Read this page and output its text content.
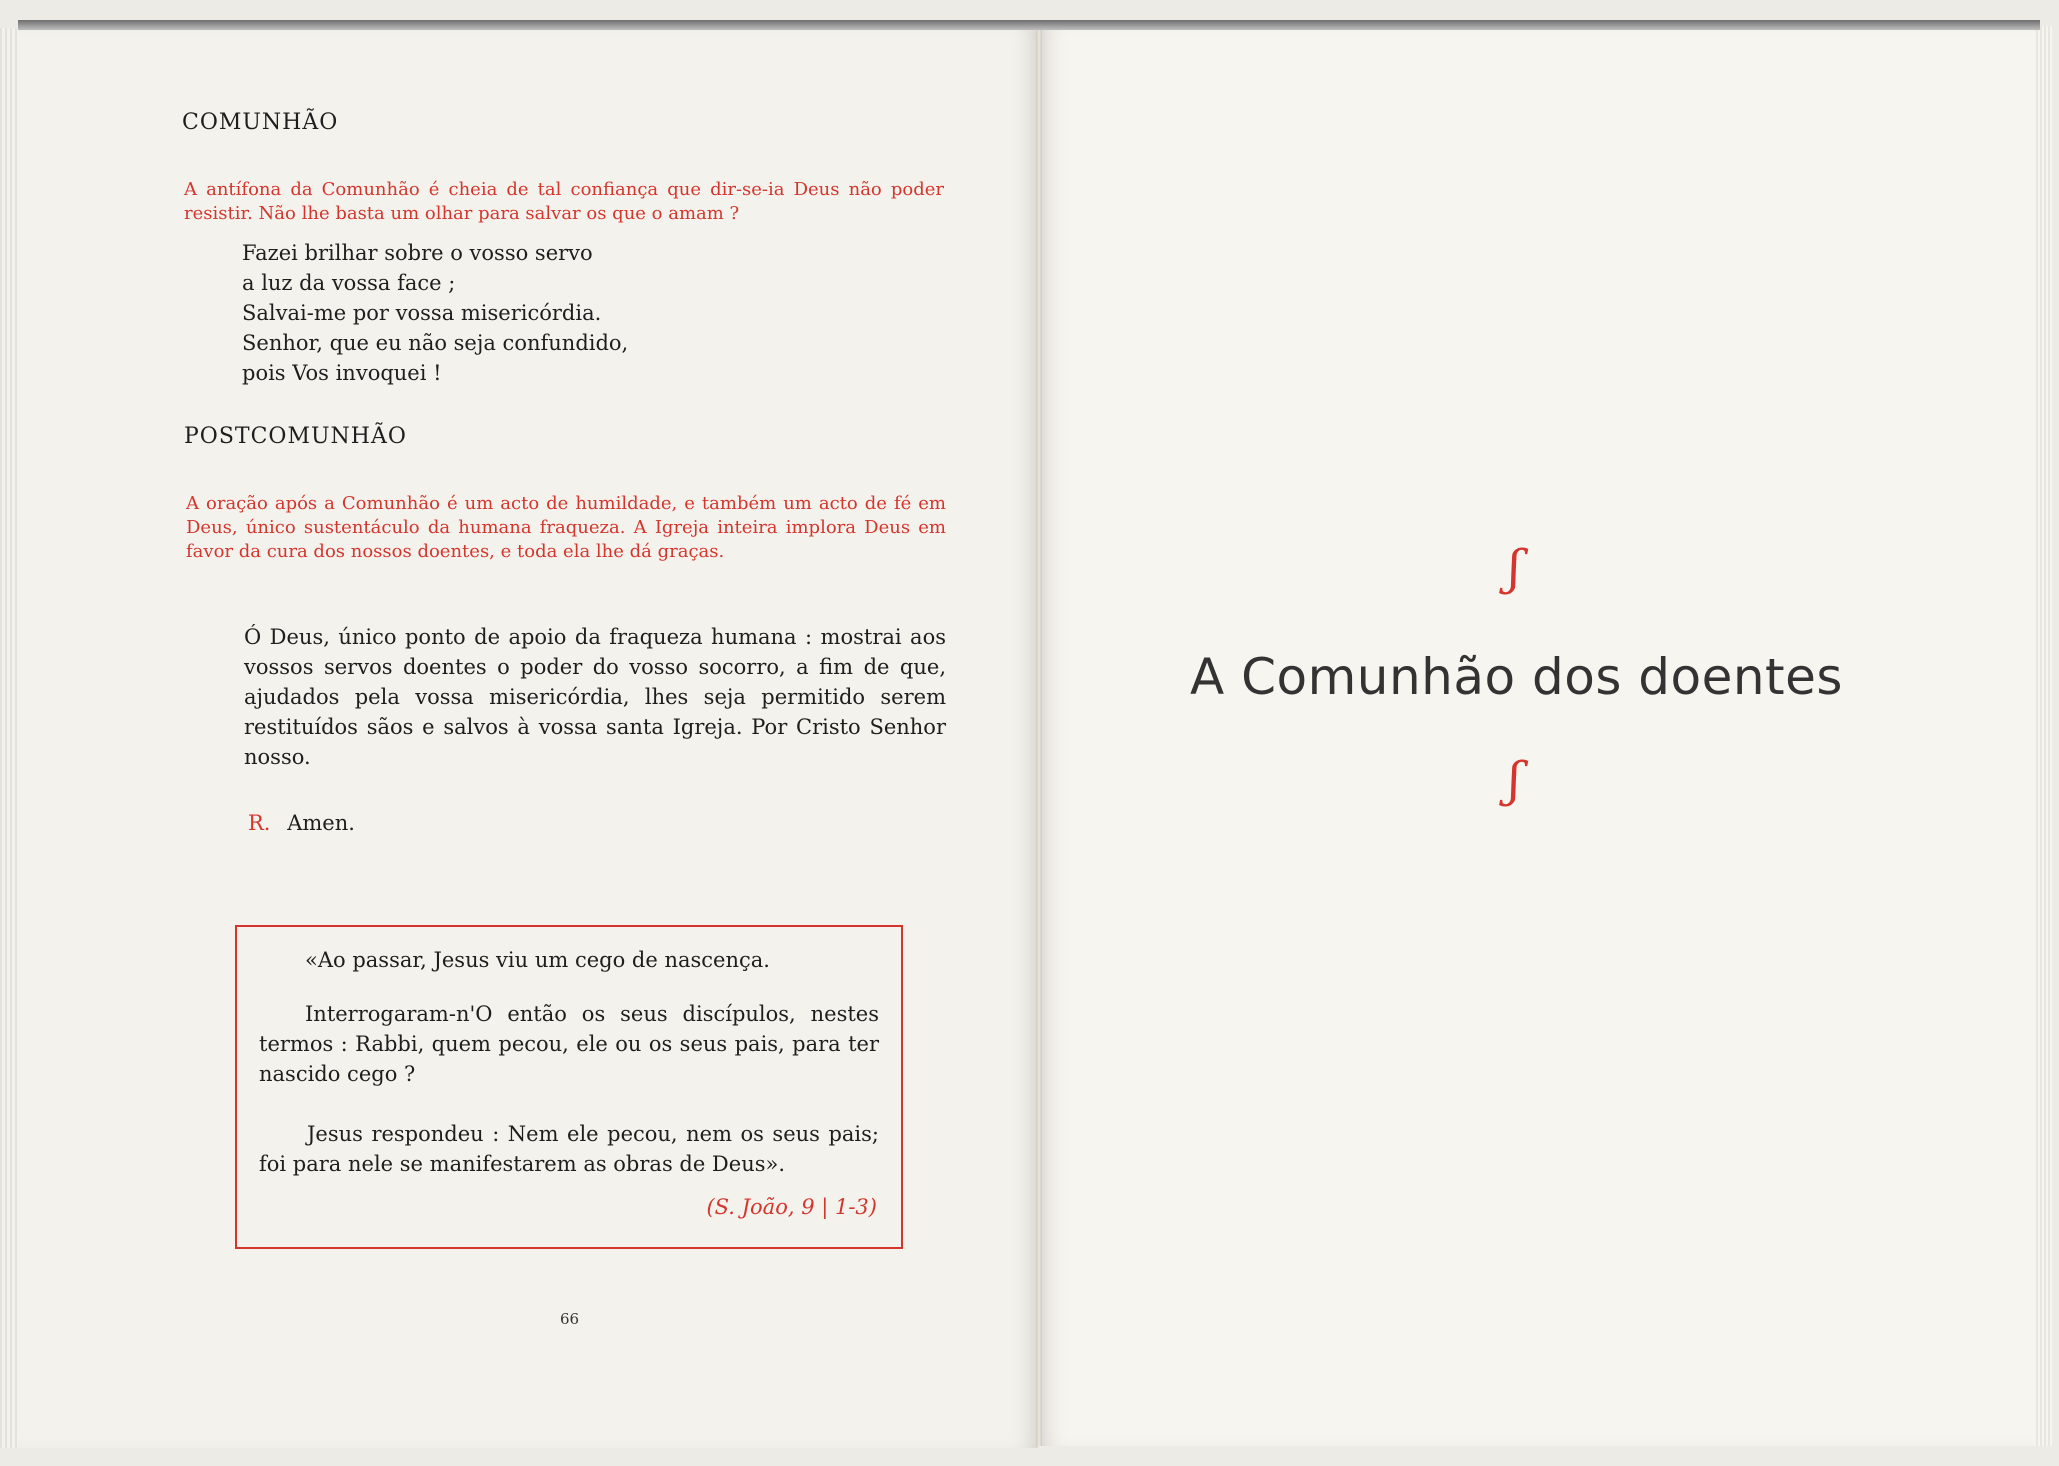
COMUNHÃO
A antífona da Comunhão é cheia de tal confiança que dir-se-ia Deus não poder resistir. Não lhe basta um olhar para salvar os que o amam ?
Fazei brilhar sobre o vosso servo
a luz da vossa face ;
Salvai-me por vossa misericórdia.
Senhor, que eu não seja confundido,
pois Vos invoquei !
POSTCOMUNHÃO
A oração após a Comunhão é um acto de humildade, e também um acto de fé em Deus, único sustentáculo da humana fraqueza. A Igreja inteira implora Deus em favor da cura dos nossos doentes, e toda ela lhe dá graças.
Ó Deus, único ponto de apoio da fraqueza humana : mostrai aos vossos servos doentes o poder do vosso socorro, a fim de que, ajudados pela vossa misericórdia, lhes seja permitido serem restituídos sãos e salvos à vossa santa Igreja. Por Cristo Senhor nosso.
R. Amen.

«Ao passar, Jesus viu um cego de nascença.

Interrogaram-n'O então os seus discípulos, nestes termos : Rabbi, quem pecou, ele ou os seus pais, para ter nascido cego ?

Jesus respondeu : Nem ele pecou, nem os seus pais; foi para nele se manifestarem as obras de Deus».

(S. João, 9 | 1-3)
66
ʃ
A Comunhão dos doentes
ʃ
